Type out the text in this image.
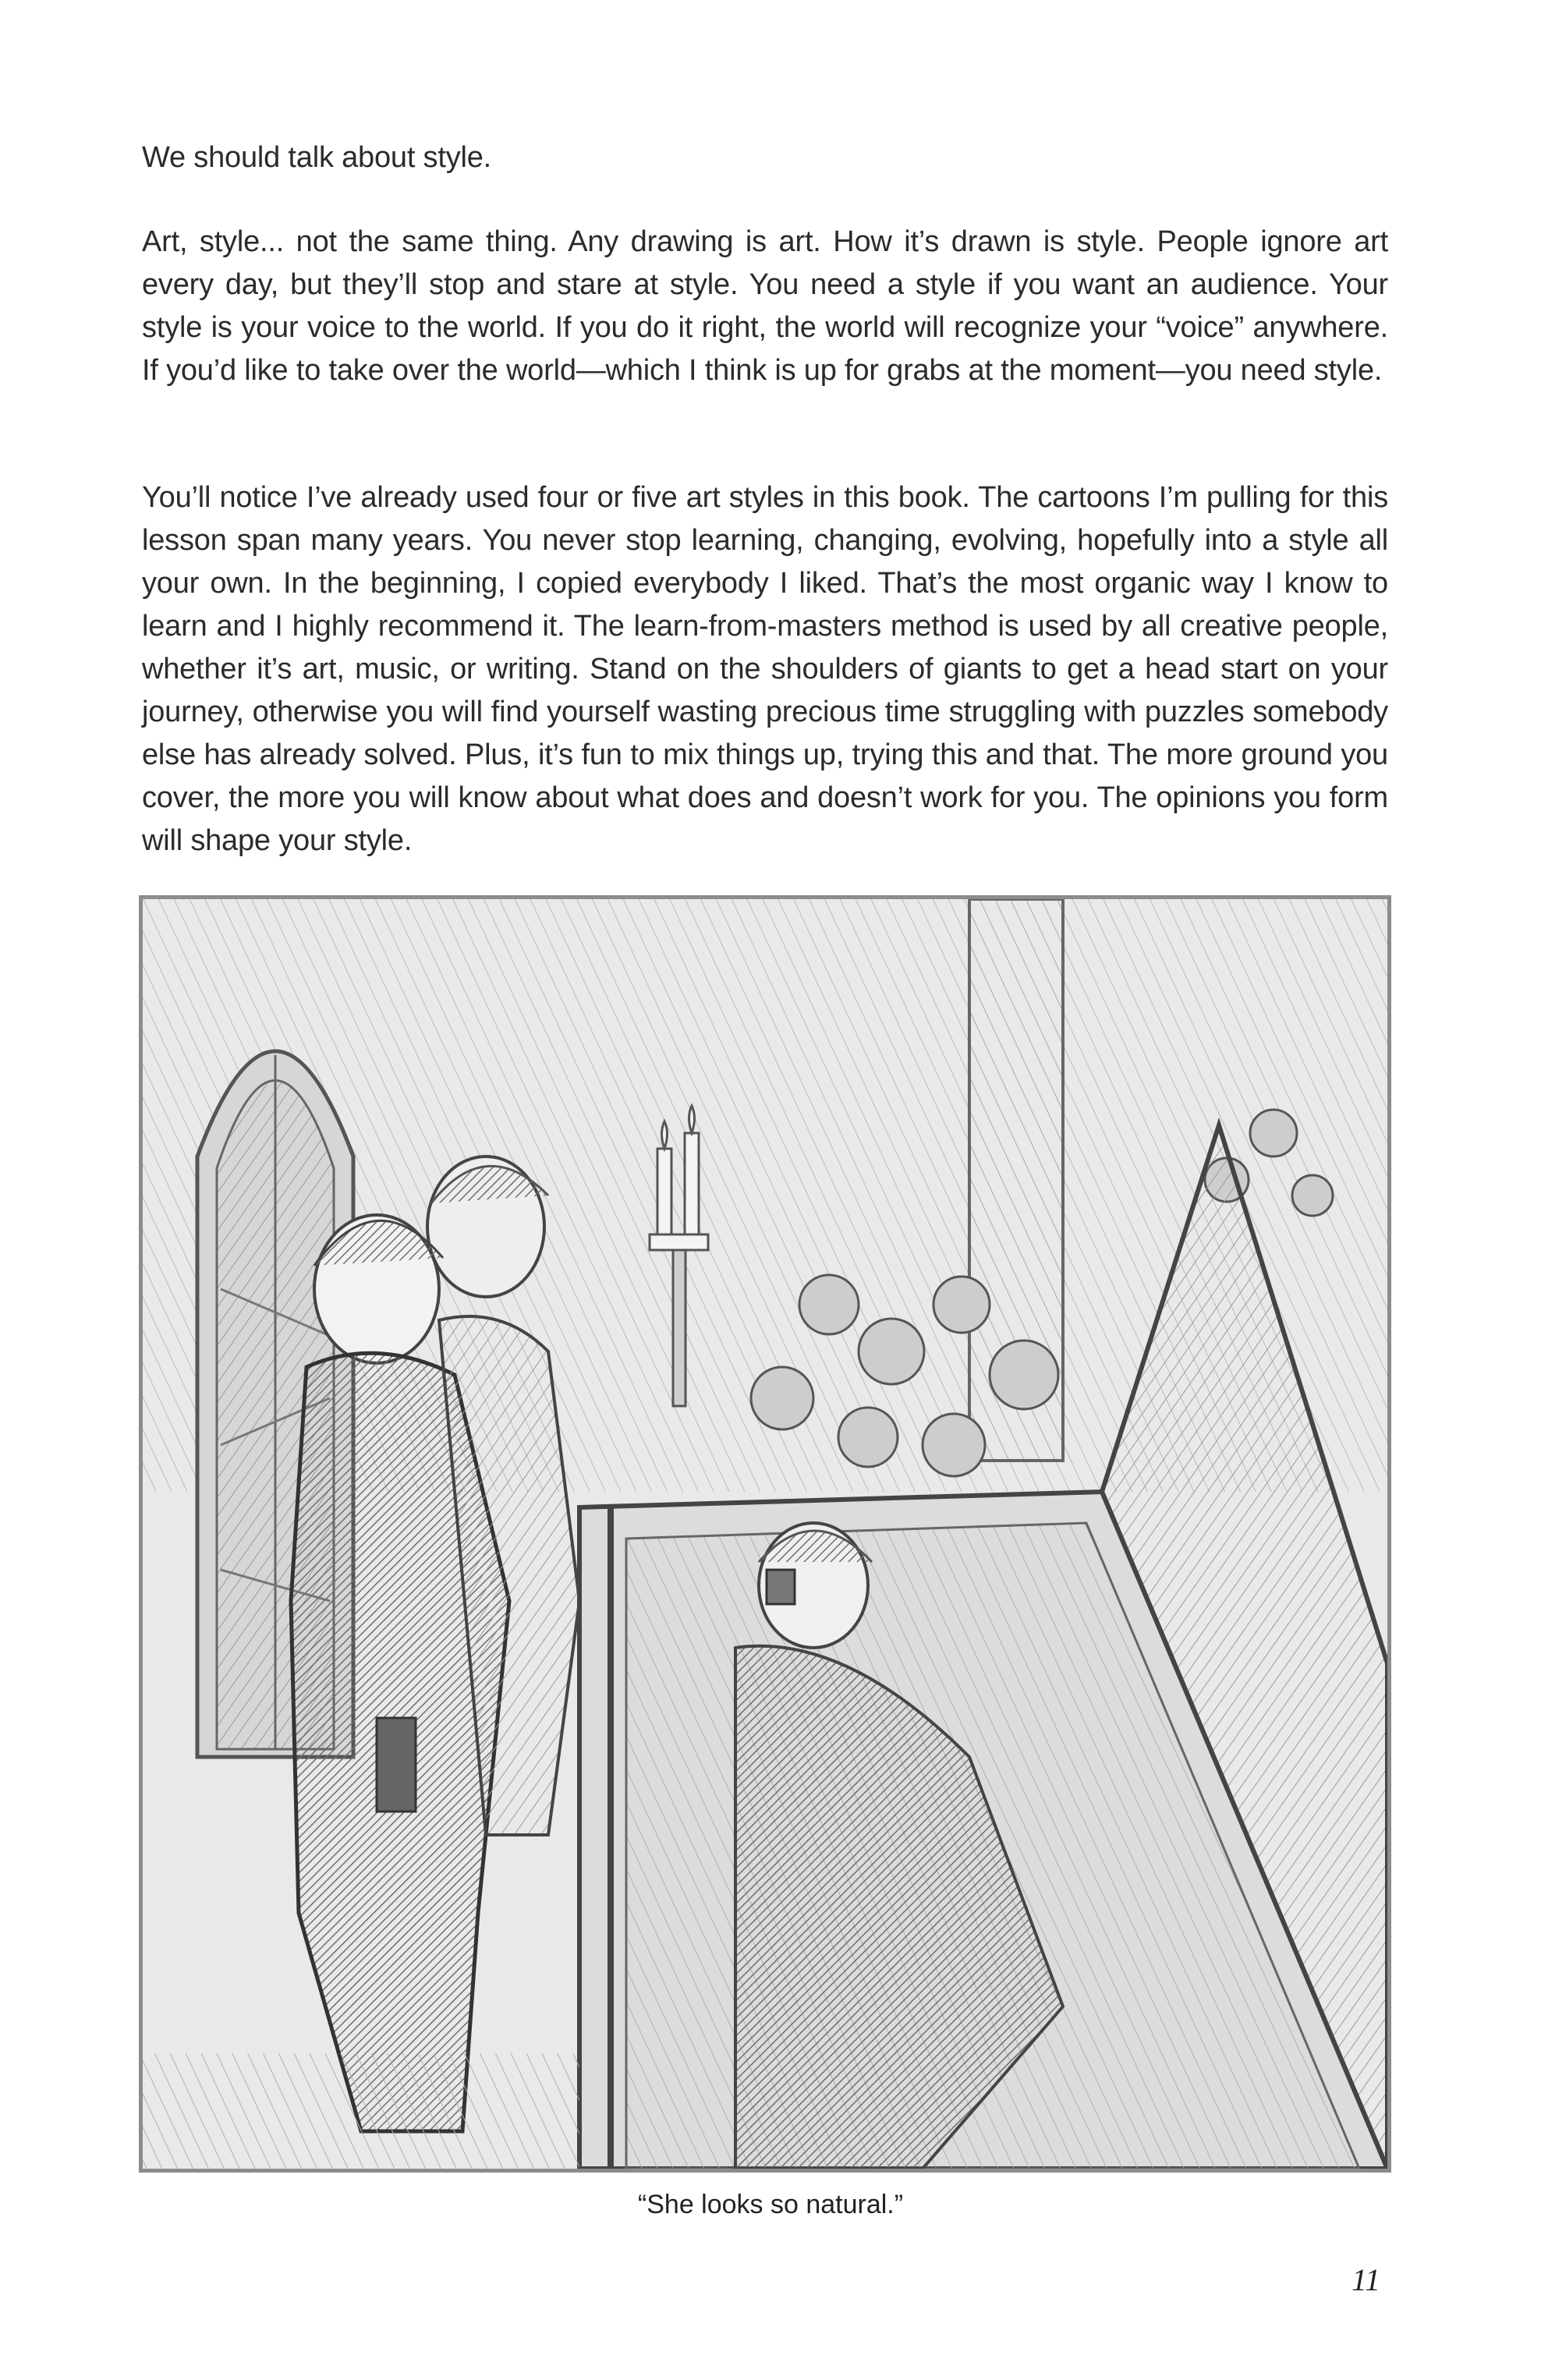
We should talk about style.

Art, style... not the same thing. Any drawing is art. How it’s drawn is style. People ignore art every day, but they’ll stop and stare at style. You need a style if you want an audience. Your style is your voice to the world. If you do it right, the world will recognize your “voice” anywhere. If you’d like to take over the world—which I think is up for grabs at the moment—you need style.

You’ll notice I’ve already used four or five art styles in this book. The cartoons I’m pulling for this lesson span many years. You never stop learning, changing, evolving, hopefully into a style all your own. In the beginning, I copied everybody I liked. That’s the most organic way I know to learn and I highly recommend it. The learn-from-masters method is used by all creative people, whether it’s art, music, or writing. Stand on the shoulders of giants to get a head start on your journey, otherwise you will find yourself wasting precious time struggling with puzzles somebody else has already solved. Plus, it’s fun to mix things up, trying this and that. The more ground you cover, the more you will know about what does and doesn’t work for you. The opinions you form will shape your style.

“She looks so natural.”
11
